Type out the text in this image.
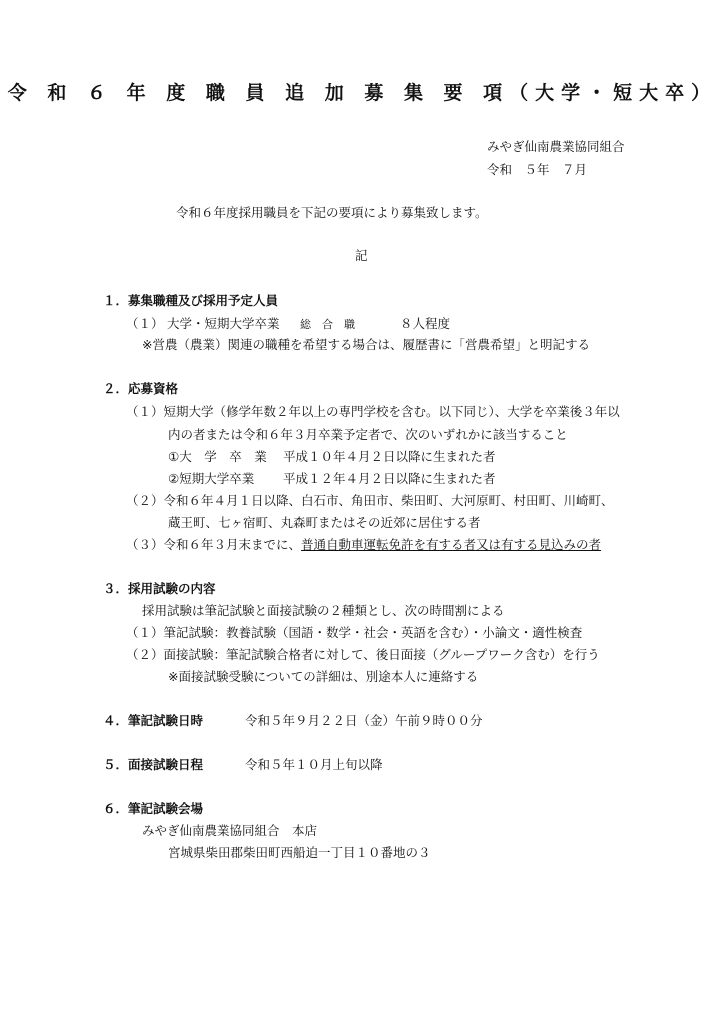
令 和 ６ 年 度 職 員 追 加 募 集 要 項（大学・短大卒）
みやぎ仙南農業協同組合
令和　５年　７月
令和６年度採用職員を下記の要項により募集致します。
記
１．募集職種及び採用予定人員
（１） 大学・短期大学卒業 総　合　職	８人程度
※営農（農業）関連の職種を希望する場合は、履歴書に「営農希望」と明記する
２．応募資格
（１）短期大学（修学年数２年以上の専門学校を含む。以下同じ）、大学を卒業後３年以
内の者または令和６年３月卒業予定者で、次のいずれかに該当すること
①大　学　卒　業 平成１０年４月２日以降に生まれた者
②短期大学卒業 平成１２年４月２日以降に生まれた者
（２）令和６年４月１日以降、白石市、角田市、柴田町、大河原町、村田町、川崎町、
蔵王町、七ヶ宿町、丸森町またはその近郊に居住する者
（３）令和６年３月末までに、普通自動車運転免許を有する者又は有する見込みの者
３．採用試験の内容
採用試験は筆記試験と面接試験の２種類とし、次の時間割による
（１）筆記試験：教養試験（国語・数学・社会・英語を含む）・小論文・適性検査
（２）面接試験：筆記試験合格者に対して、後日面接（グループワーク含む）を行う
※面接試験受験についての詳細は、別途本人に連絡する
４．筆記試験日時	令和５年９月２２日（金）午前９時００分
５．面接試験日程	令和５年１０月上旬以降
６．筆記試験会場
みやぎ仙南農業協同組合　本店
宮城県柴田郡柴田町西船迫一丁目１０番地の３
